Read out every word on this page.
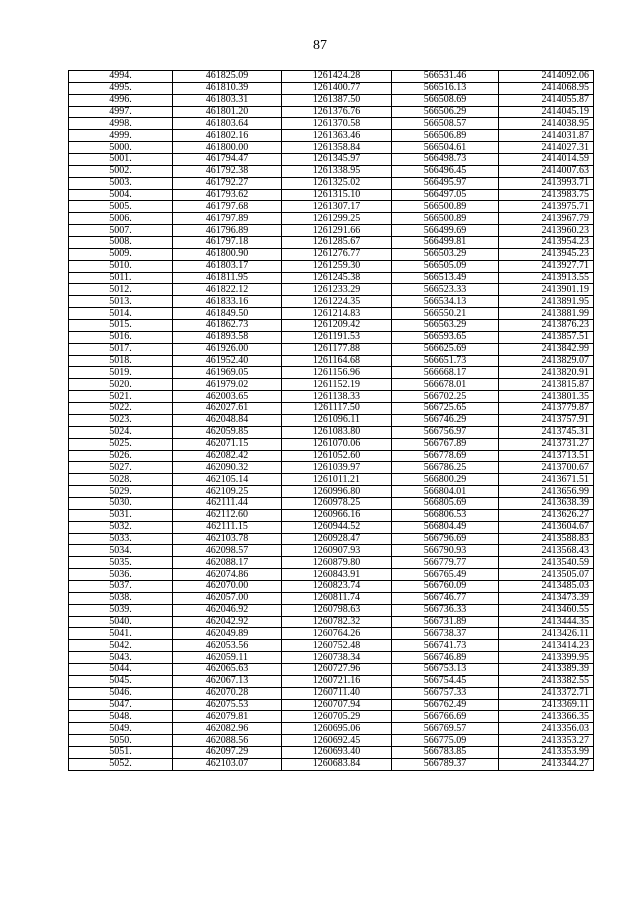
87
4994.	461825.09	1261424.28	566531.46	2414092.06
4995.	461810.39	1261400.77	566516.13	2414068.95
4996.	461803.31	1261387.50	566508.69	2414055.87
4997.	461801.20	1261376.76	566506.29	2414045.19
4998.	461803.64	1261370.58	566508.57	2414038.95
4999.	461802.16	1261363.46	566506.89	2414031.87
5000.	461800.00	1261358.84	566504.61	2414027.31
5001.	461794.47	1261345.97	566498.73	2414014.59
5002.	461792.38	1261338.95	566496.45	2414007.63
5003.	461792.27	1261325.02	566495.97	2413993.71
5004.	461793.62	1261315.10	566497.05	2413983.75
5005.	461797.68	1261307.17	566500.89	2413975.71
5006.	461797.89	1261299.25	566500.89	2413967.79
5007.	461796.89	1261291.66	566499.69	2413960.23
5008.	461797.18	1261285.67	566499.81	2413954.23
5009.	461800.90	1261276.77	566503.29	2413945.23
5010.	461803.17	1261259.30	566505.09	2413927.71
5011.	461811.95	1261245.38	566513.49	2413913.55
5012.	461822.12	1261233.29	566523.33	2413901.19
5013.	461833.16	1261224.35	566534.13	2413891.95
5014.	461849.50	1261214.83	566550.21	2413881.99
5015.	461862.73	1261209.42	566563.29	2413876.23
5016.	461893.58	1261191.53	566593.65	2413857.51
5017.	461926.00	1261177.88	566625.69	2413842.99
5018.	461952.40	1261164.68	566651.73	2413829.07
5019.	461969.05	1261156.96	566668.17	2413820.91
5020.	461979.02	1261152.19	566678.01	2413815.87
5021.	462003.65	1261138.33	566702.25	2413801.35
5022.	462027.61	1261117.50	566725.65	2413779.87
5023.	462048.84	1261096.11	566746.29	2413757.91
5024.	462059.85	1261083.80	566756.97	2413745.31
5025.	462071.15	1261070.06	566767.89	2413731.27
5026.	462082.42	1261052.60	566778.69	2413713.51
5027.	462090.32	1261039.97	566786.25	2413700.67
5028.	462105.14	1261011.21	566800.29	2413671.51
5029.	462109.25	1260996.80	566804.01	2413656.99
5030.	462111.44	1260978.25	566805.69	2413638.39
5031.	462112.60	1260966.16	566806.53	2413626.27
5032.	462111.15	1260944.52	566804.49	2413604.67
5033.	462103.78	1260928.47	566796.69	2413588.83
5034.	462098.57	1260907.93	566790.93	2413568.43
5035.	462088.17	1260879.80	566779.77	2413540.59
5036.	462074.86	1260843.91	566765.49	2413505.07
5037.	462070.00	1260823.74	566760.09	2413485.03
5038.	462057.00	1260811.74	566746.77	2413473.39
5039.	462046.92	1260798.63	566736.33	2413460.55
5040.	462042.92	1260782.32	566731.89	2413444.35
5041.	462049.89	1260764.26	566738.37	2413426.11
5042.	462053.56	1260752.48	566741.73	2413414.23
5043.	462059.11	1260738.34	566746.89	2413399.95
5044.	462065.63	1260727.96	566753.13	2413389.39
5045.	462067.13	1260721.16	566754.45	2413382.55
5046.	462070.28	1260711.40	566757.33	2413372.71
5047.	462075.53	1260707.94	566762.49	2413369.11
5048.	462079.81	1260705.29	566766.69	2413366.35
5049.	462082.96	1260695.06	566769.57	2413356.03
5050.	462088.56	1260692.45	566775.09	2413353.27
5051.	462097.29	1260693.40	566783.85	2413353.99
5052.	462103.07	1260683.84	566789.37	2413344.27
